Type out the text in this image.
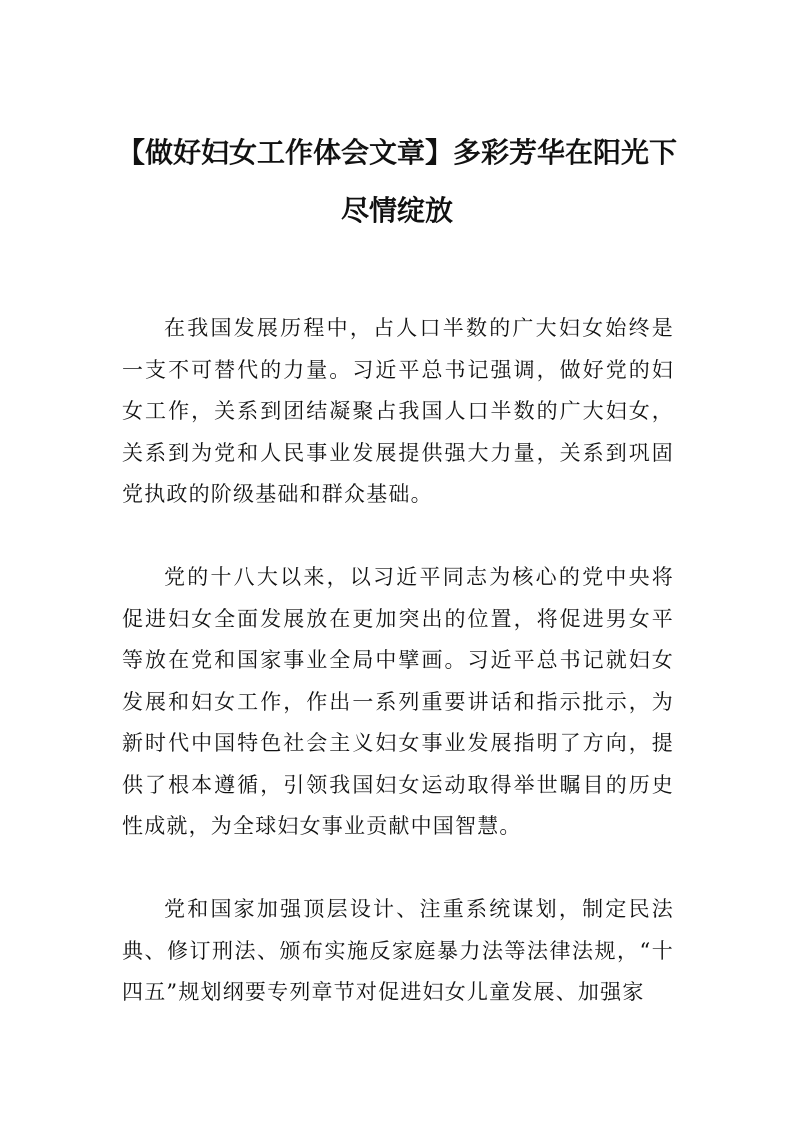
【做好妇女工作体会文章】多彩芳华在阳光下尽情绽放

在我国发展历程中，占人口半数的广大妇女始终是一支不可替代的力量。习近平总书记强调，做好党的妇女工作，关系到团结凝聚占我国人口半数的广大妇女，关系到为党和人民事业发展提供强大力量，关系到巩固党执政的阶级基础和群众基础。

党的十八大以来，以习近平同志为核心的党中央将促进妇女全面发展放在更加突出的位置，将促进男女平等放在党和国家事业全局中擘画。习近平总书记就妇女发展和妇女工作，作出一系列重要讲话和指示批示，为新时代中国特色社会主义妇女事业发展指明了方向，提供了根本遵循，引领我国妇女运动取得举世瞩目的历史性成就，为全球妇女事业贡献中国智慧。

党和国家加强顶层设计、注重系统谋划，制定民法典、修订刑法、颁布实施反家庭暴力法等法律法规，“十四五”规划纲要专列章节对促进妇女儿童发展、加强家
